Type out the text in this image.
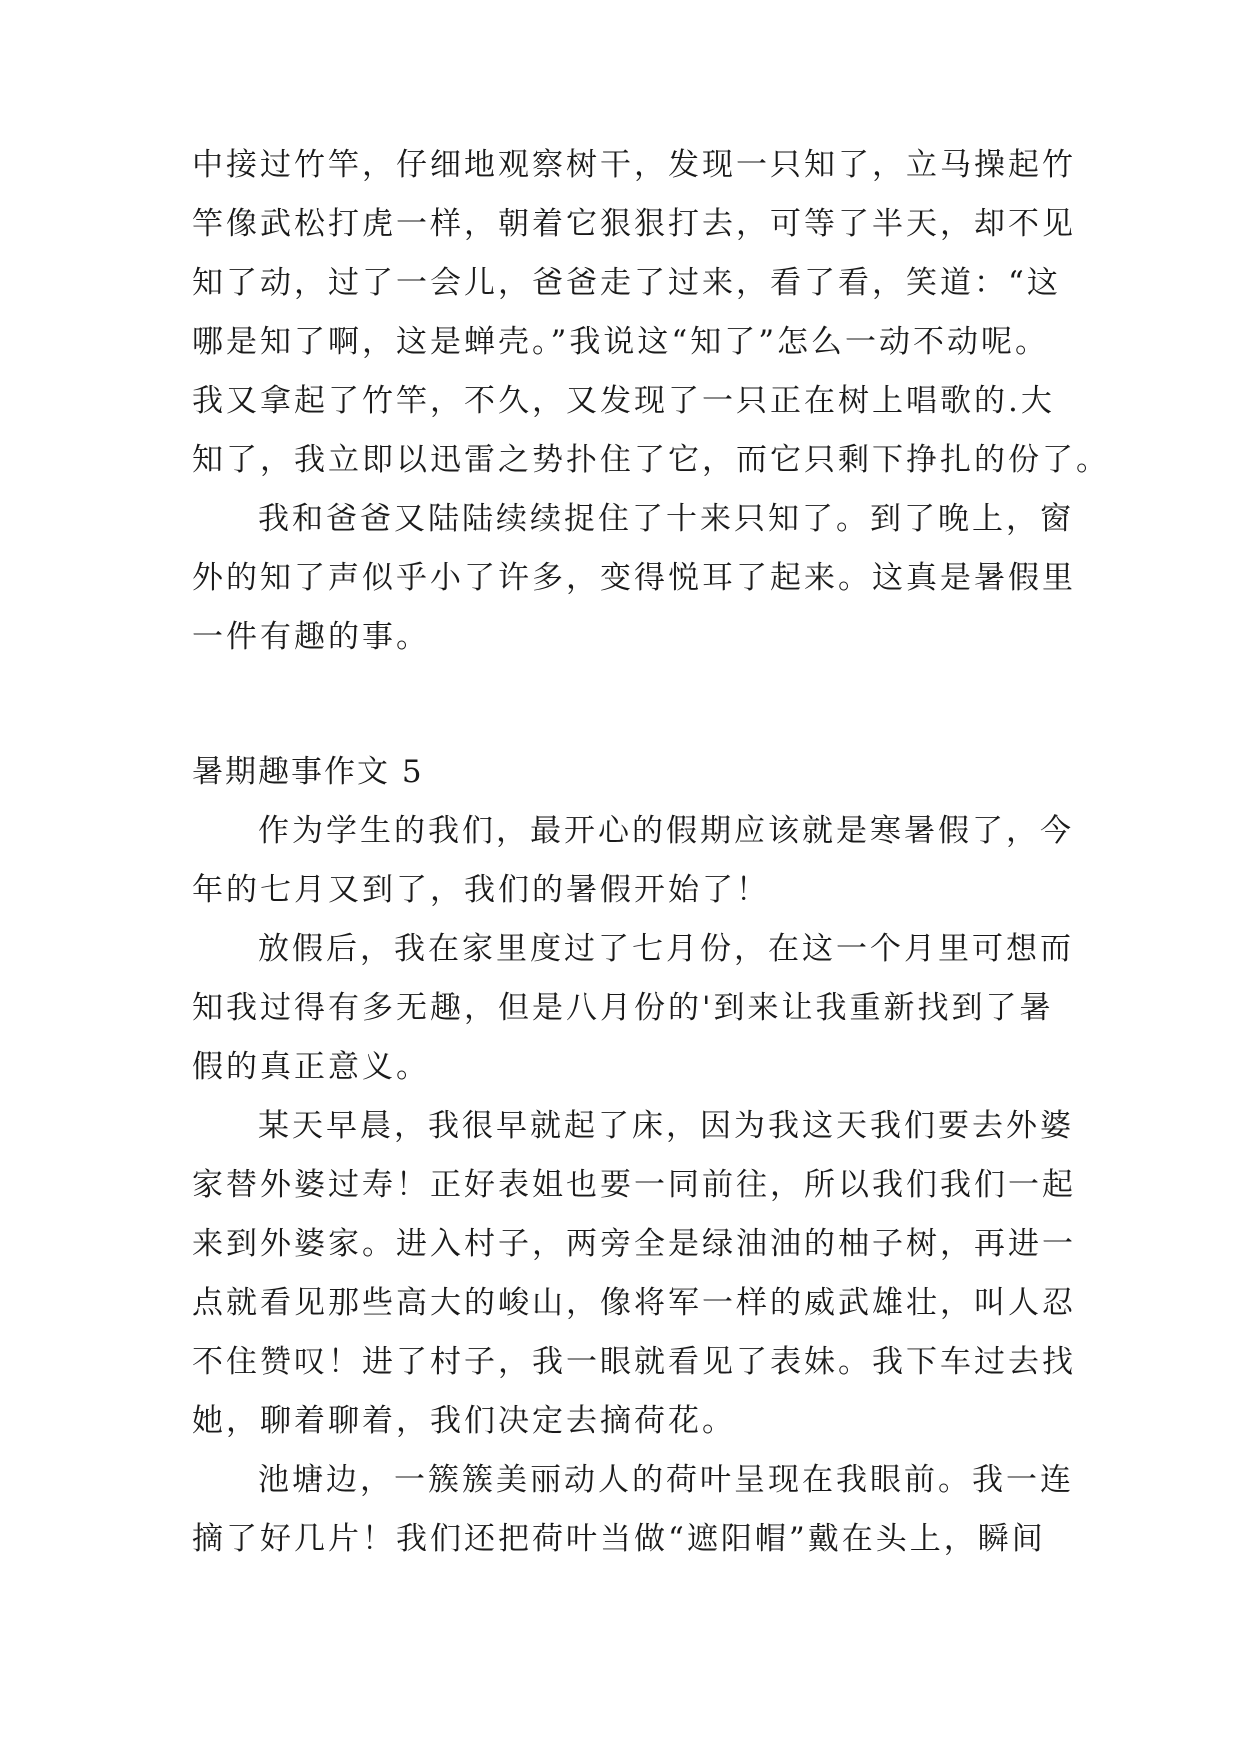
中接过竹竿，仔细地观察树干，发现一只知了，立马操起竹
竿像武松打虎一样，朝着它狠狠打去，可等了半天，却不见
知了动，过了一会儿，爸爸走了过来，看了看，笑道：“这
哪是知了啊，这是蝉壳。”我说这“知了”怎么一动不动呢。
我又拿起了竹竿，不久，又发现了一只正在树上唱歌的.大
知了，我立即以迅雷之势扑住了它，而它只剩下挣扎的份了。
我和爸爸又陆陆续续捉住了十来只知了。到了晚上，窗
外的知了声似乎小了许多，变得悦耳了起来。这真是暑假里
一件有趣的事。
暑期趣事作文 5
作为学生的我们，最开心的假期应该就是寒暑假了，今
年的七月又到了，我们的暑假开始了！
放假后，我在家里度过了七月份，在这一个月里可想而
知我过得有多无趣，但是八月份的'到来让我重新找到了暑
假的真正意义。
某天早晨，我很早就起了床，因为我这天我们要去外婆
家替外婆过寿！正好表姐也要一同前往，所以我们我们一起
来到外婆家。进入村子，两旁全是绿油油的柚子树，再进一
点就看见那些高大的峻山，像将军一样的威武雄壮，叫人忍
不住赞叹！进了村子，我一眼就看见了表妹。我下车过去找
她，聊着聊着，我们决定去摘荷花。
池塘边，一簇簇美丽动人的荷叶呈现在我眼前。我一连
摘了好几片！我们还把荷叶当做“遮阳帽”戴在头上，瞬间
